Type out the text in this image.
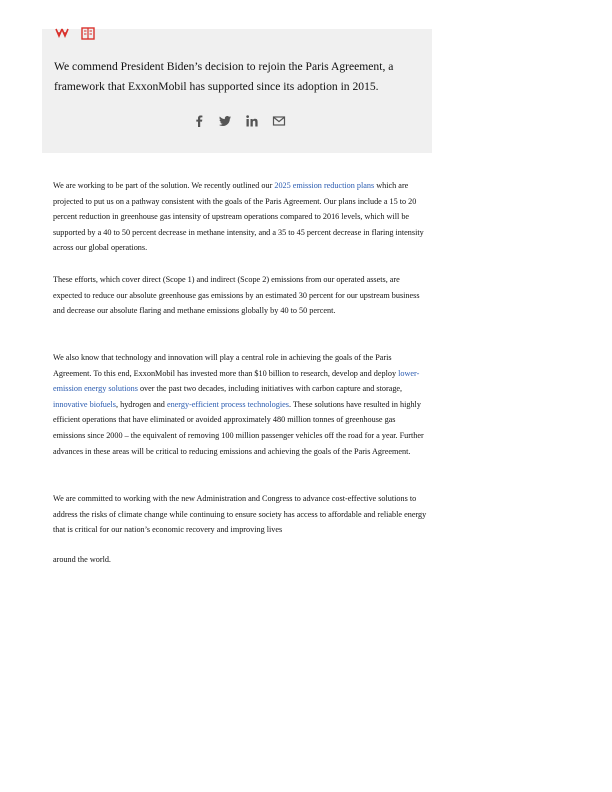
We commend President Biden’s decision to rejoin the Paris Agreement, a framework that ExxonMobil has supported since its adoption in 2015.

We are working to be part of the solution. We recently outlined our 2025 emission reduction plans which are projected to put us on a pathway consistent with the goals of the Paris Agreement. Our plans include a 15 to 20 percent reduction in greenhouse gas intensity of upstream operations compared to 2016 levels, which will be supported by a 40 to 50 percent decrease in methane intensity, and a 35 to 45 percent decrease in flaring intensity across our global operations.

These efforts, which cover direct (Scope 1) and indirect (Scope 2) emissions from our operated assets, are expected to reduce our absolute greenhouse gas emissions by an estimated 30 percent for our upstream business and decrease our absolute flaring and methane emissions globally by 40 to 50 percent.

We also know that technology and innovation will play a central role in achieving the goals of the Paris Agreement. To this end, ExxonMobil has invested more than $10 billion to research, develop and deploy lower-emission energy solutions over the past two decades, including initiatives with carbon capture and storage, innovative biofuels, hydrogen and energy-efficient process technologies. These solutions have resulted in highly efficient operations that have eliminated or avoided approximately 480 million tonnes of greenhouse gas emissions since 2000 – the equivalent of removing 100 million passenger vehicles off the road for a year. Further advances in these areas will be critical to reducing emissions and achieving the goals of the Paris Agreement.

We are committed to working with the new Administration and Congress to advance cost-effective solutions to address the risks of climate change while continuing to ensure society has access to affordable and reliable energy that is critical for our nation’s economic recovery and improving lives

around the world.
